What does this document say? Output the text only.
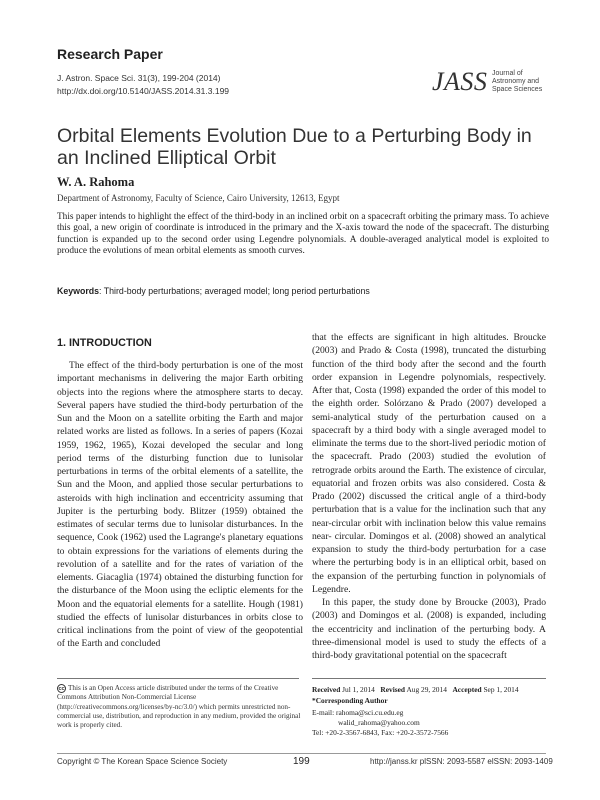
Research Paper
J. Astron. Space Sci. 31(3), 199-204 (2014)
http://dx.doi.org/10.5140/JASS.2014.31.3.199	JASS Journal of
Astronomy and
Space Sciences
Orbital Elements Evolution Due to a Perturbing Body in an Inclined Elliptical Orbit
W. A. Rahoma
Department of Astronomy, Faculty of Science, Cairo University, 12613, Egypt
This paper intends to highlight the effect of the third-body in an inclined orbit on a spacecraft orbiting the primary mass. To achieve this goal, a new origin of coordinate is introduced in the primary and the X-axis toward the node of the spacecraft. The disturbing function is expanded up to the second order using Legendre polynomials. A double-averaged analytical model is exploited to produce the evolutions of mean orbital elements as smooth curves.
Keywords: Third-body perturbations; averaged model; long period perturbations
1. INTRODUCTION
The effect of the third-body perturbation is one of the most important mechanisms in delivering the major Earth orbiting objects into the regions where the atmosphere starts to decay. Several papers have studied the third-body perturbation of the Sun and the Moon on a satellite orbiting the Earth and major related works are listed as follows. In a series of papers (Kozai 1959, 1962, 1965), Kozai developed the secular and long period terms of the disturbing function due to lunisolar perturbations in terms of the orbital elements of a satellite, the Sun and the Moon, and applied those secular perturbations to asteroids with high inclination and eccentricity assuming that Jupiter is the perturbing body. Blitzer (1959) obtained the estimates of secular terms due to lunisolar disturbances. In the sequence, Cook (1962) used the Lagrange's planetary equations to obtain expressions for the variations of elements during the revolution of a satellite and for the rates of variation of the elements. Giacaglia (1974) obtained the disturbing function for the disturbance of the Moon using the ecliptic elements for the Moon and the equatorial elements for a satellite. Hough (1981) studied the effects of lunisolar disturbances in orbits close to critical inclinations from the point of view of the geopotential of the Earth and concluded

that the effects are significant in high altitudes. Broucke (2003) and Prado & Costa (1998), truncated the disturbing function of the third body after the second and the fourth order expansion in Legendre polynomials, respectively. After that, Costa (1998) expanded the order of this model to the eighth order. Solórzano & Prado (2007) developed a semi-analytical study of the perturbation caused on a spacecraft by a third body with a single averaged model to eliminate the terms due to the short-lived periodic motion of the spacecraft. Prado (2003) studied the evolution of retrograde orbits around the Earth. The existence of circular, equatorial and frozen orbits was also considered. Costa & Prado (2002) discussed the critical angle of a third-body perturbation that is a value for the inclination such that any near-circular orbit with inclination below this value remains near- circular. Domingos et al. (2008) showed an analytical expansion to study the third-body perturbation for a case where the perturbing body is in an elliptical orbit, based on the expansion of the perturbing function in polynomials of Legendre.

In this paper, the study done by Broucke (2003), Prado (2003) and Domingos et al. (2008) is expanded, including the eccentricity and inclination of the perturbing body. A three-dimensional model is used to study the effects of a third-body gravitational potential on the spacecraft

cc This is an Open Access article distributed under the terms of the Creative Commons Attribution Non-Commercial License (http://creativecommons.org/licenses/by-nc/3.0/) which permits unrestricted non-commercial use, distribution, and reproduction in any medium, provided the original work is properly cited.
Received Jul 1, 2014 Revised Aug 29, 2014 Accepted Sep 1, 2014
*Corresponding Author
E-mail: rahoma@sci.cu.edu.eg
walid_rahoma@yahoo.com
Tel: +20-2-3567-6843, Fax: +20-2-3572-7566
Copyright © The Korean Space Science Society	199	http://janss.kr plSSN: 2093-5587 elSSN: 2093-1409
